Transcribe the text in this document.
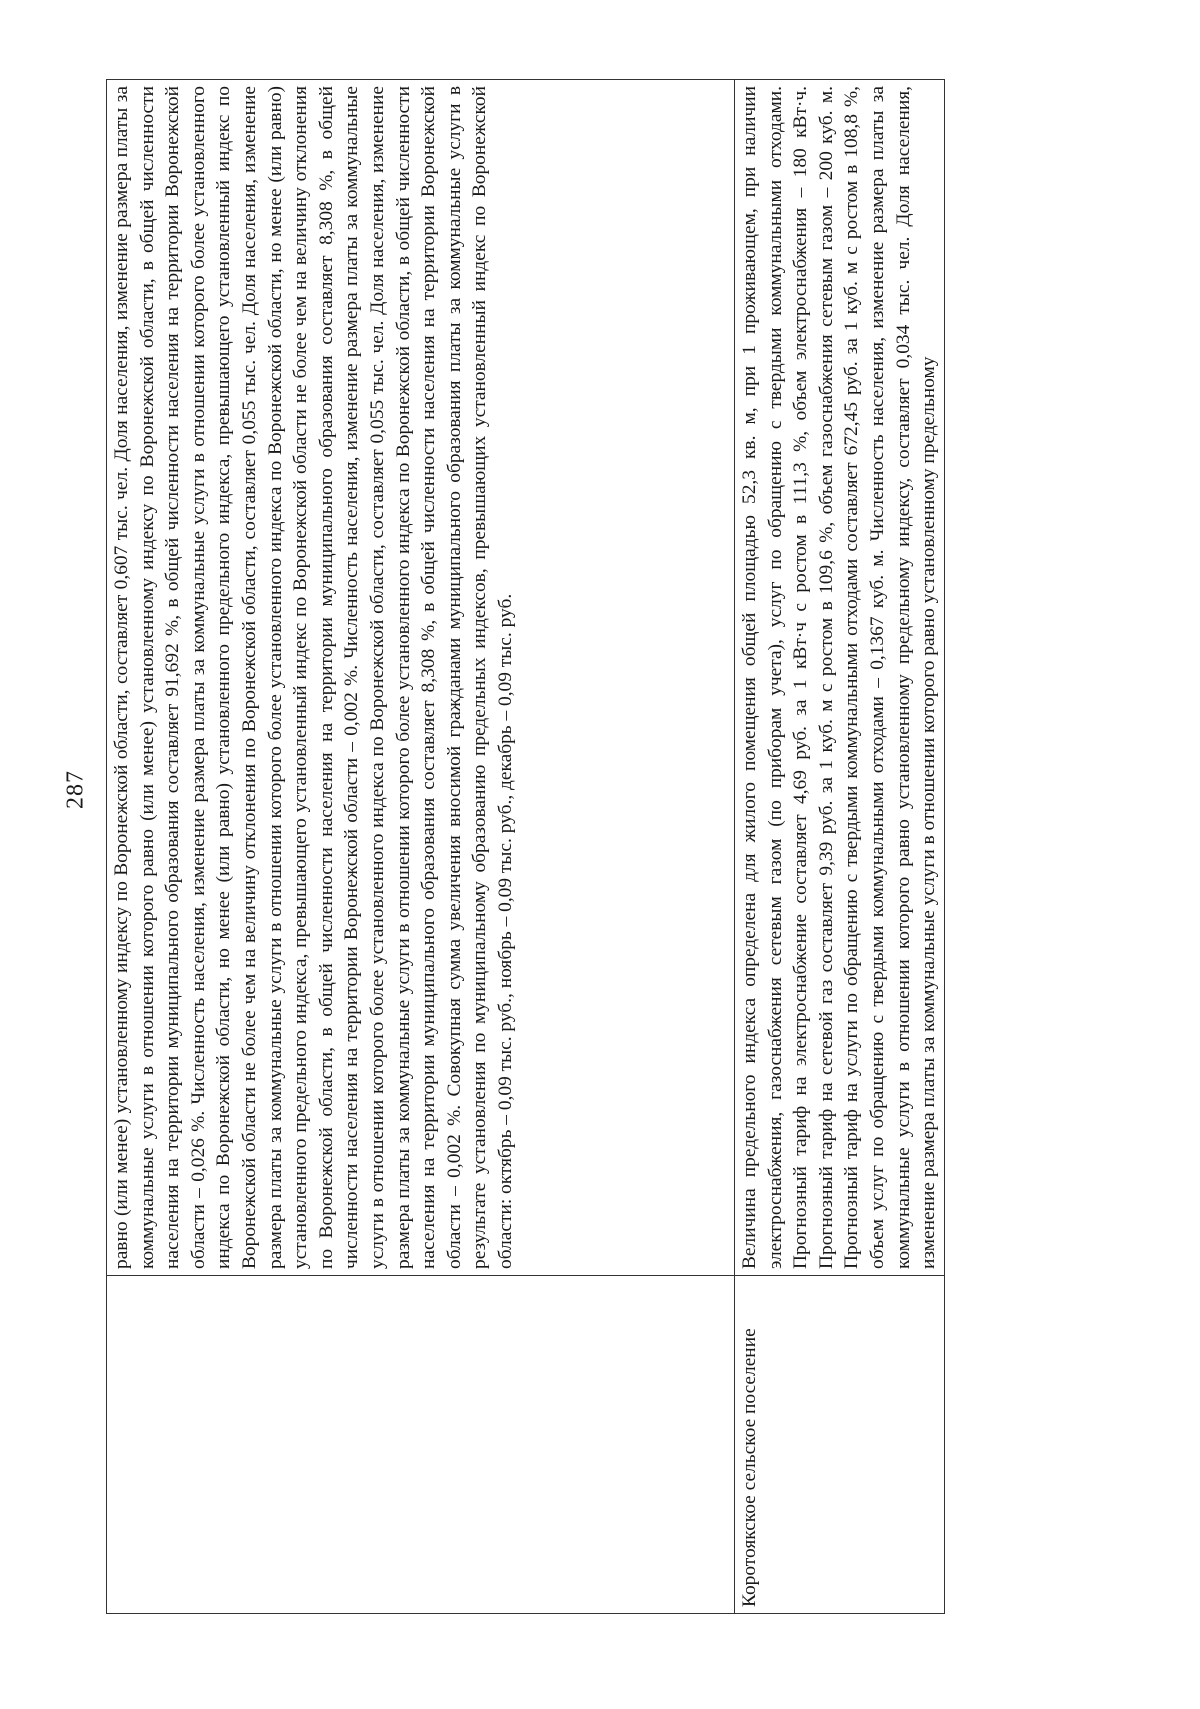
287
	равно (или менее) установленному индексу по Воронежской области, составляет 0,607 тыс. чел. Доля населения, изменение размера платы за коммунальные услуги в отношении которого равно (или менее) установленному индексу по Воронежской области, в общей численности населения на территории муниципального образования составляет 91,692 %, в общей численности населения на территории Воронежской области – 0,026 %. Численность населения, изменение размера платы за коммунальные услуги в отношении которого более установленного индекса по Воронежской области, но менее (или равно) установленного предельного индекса, превышающего установленный индекс по Воронежской области не более чем на величину отклонения по Воронежской области, составляет 0,055 тыс. чел. Доля населения, изменение размера платы за коммунальные услуги в отношении которого более установленного индекса по Воронежской области, но менее (или равно) установленного предельного индекса, превышающего установленный индекс по Воронежской области не более чем на величину отклонения по Воронежской области, в общей численности населения на территории муниципального образования составляет 8,308 %, в общей численности населения на территории Воронежской области – 0,002 %. Численность населения, изменение размера платы за коммунальные услуги в отношении которого более установленного индекса по Воронежской области, составляет 0,055 тыс. чел. Доля населения, изменение размера платы за коммунальные услуги в отношении которого более установленного индекса по Воронежской области, в общей численности населения на территории муниципального образования составляет 8,308 %, в общей численности населения на территории Воронежской области – 0,002 %. Совокупная сумма увеличения вносимой гражданами муниципального образования платы за коммунальные услуги в результате установления по муниципальному образованию предельных индексов, превышающих установленный индекс по Воронежской области: октябрь – 0,09 тыс. руб., ноябрь – 0,09 тыс. руб., декабрь – 0,09 тыс. руб.
Коротоякское сельское поселение	Величина предельного индекса определена для жилого помещения общей площадью 52,3 кв. м, при 1 проживающем, при наличии электроснабжения, газоснабжения сетевым газом (по приборам учета), услуг по обращению с твердыми коммунальными отходами. Прогнозный тариф на электроснабжение составляет 4,69 руб. за 1 кВт·ч с ростом в 111,3 %, объем электроснабжения – 180 кВт·ч. Прогнозный тариф на сетевой газ составляет 9,39 руб. за 1 куб. м с ростом в 109,6 %, объем газоснабжения сетевым газом – 200 куб. м. Прогнозный тариф на услуги по обращению с твердыми коммунальными отходами составляет 672,45 руб. за 1 куб. м с ростом в 108,8 %, объем услуг по обращению с твердыми коммунальными отходами – 0,1367 куб. м. Численность населения, изменение размера платы за коммунальные услуги в отношении которого равно установленному предельному индексу, составляет 0,034 тыс. чел. Доля населения, изменение размера платы за коммунальные услуги в отношении которого равно установленному предельному
